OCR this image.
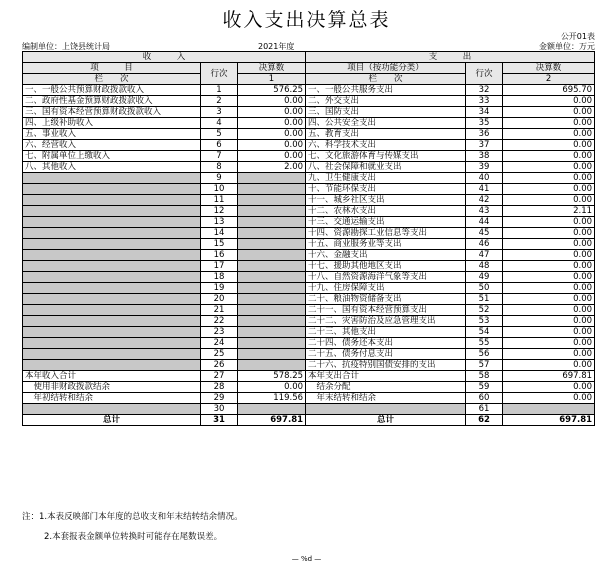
收入支出决算总表
公开01表
编制单位：上饶县统计局	2021年度	金额单位：万元
收　　　入			支　　　出		
项　　　目	行次	决算数	项目（按功能分类）	行次	决算数
栏　　次		1	栏　　次		2
一、一般公共预算财政拨款收入	1	576.25	一、一般公共服务支出	32	695.70
二、政府性基金预算财政拨款收入	2	0.00	二、外交支出	33	0.00
三、国有资本经营预算财政拨款收入	3	0.00	三、国防支出	34	0.00
四、上级补助收入	4	0.00	四、公共安全支出	35	0.00
五、事业收入	5	0.00	五、教育支出	36	0.00
六、经营收入	6	0.00	六、科学技术支出	37	0.00
七、附属单位上缴收入	7	0.00	七、文化旅游体育与传媒支出	38	0.00
八、其他收入	8	2.00	八、社会保障和就业支出	39	0.00
	9		九、卫生健康支出	40	0.00
	10		十、节能环保支出	41	0.00
	11		十一、城乡社区支出	42	0.00
	12		十二、农林水支出	43	2.11
	13		十三、交通运输支出	44	0.00
	14		十四、资源勘探工业信息等支出	45	0.00
	15		十五、商业服务业等支出	46	0.00
	16		十六、金融支出	47	0.00
	17		十七、援助其他地区支出	48	0.00
	18		十八、自然资源海洋气象等支出	49	0.00
	19		十九、住房保障支出	50	0.00
	20		二十、粮油物资储备支出	51	0.00
	21		二十一、国有资本经营预算支出	52	0.00
	22		二十二、灾害防治及应急管理支出	53	0.00
	23		二十三、其他支出	54	0.00
	24		二十四、债务还本支出	55	0.00
	25		二十五、债务付息支出	56	0.00
	26		二十六、抗疫特别国债安排的支出	57	0.00
本年收入合计	27	578.25	本年支出合计	58	697.81
　使用非财政拨款结余	28	0.00	　结余分配	59	0.00
　年初结转和结余	29	119.56	　年末结转和结余	60	0.00
	30			61	
总计	31	697.81	总计	62	697.81
注：1.本表反映部门本年度的总收支和年末结转结余情况。
2.本套报表金额单位转换时可能存在尾数误差。
— %d —
